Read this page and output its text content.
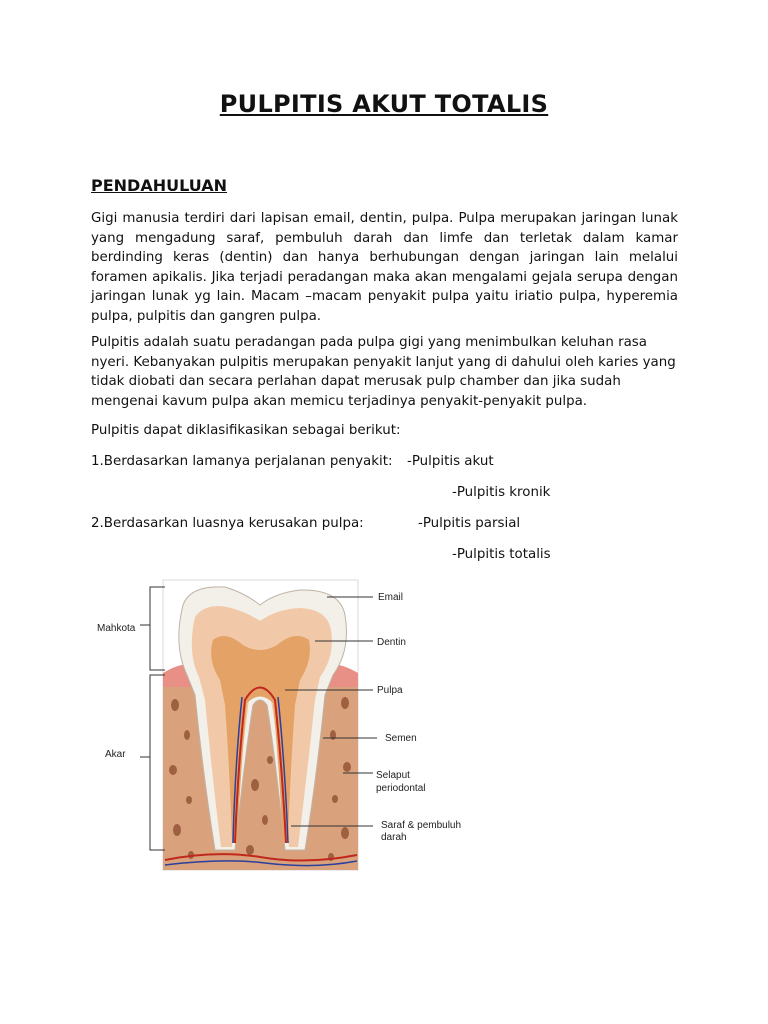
PULPITIS AKUT TOTALIS
PENDAHULUAN

Gigi manusia terdiri dari lapisan email, dentin, pulpa. Pulpa merupakan jaringan lunak yang mengadung saraf, pembuluh darah dan limfe dan terletak dalam kamar berdinding keras (dentin) dan hanya berhubungan dengan jaringan lain melalui foramen apikalis. Jika terjadi peradangan maka akan mengalami gejala serupa dengan jaringan lunak yg lain. Macam –macam penyakit pulpa yaitu iriatio pulpa, hyperemia pulpa, pulpitis dan gangren pulpa.

Pulpitis adalah suatu peradangan pada pulpa gigi yang menimbulkan keluhan rasa nyeri. Kebanyakan pulpitis merupakan penyakit lanjut yang di dahului oleh karies yang tidak diobati dan secara perlahan dapat merusak pulp chamber dan jika sudah mengenai kavum pulpa akan memicu terjadinya penyakit-penyakit pulpa.

Pulpitis dapat diklasifikasikan sebagai berikut:
1.Berdasarkan lamanya perjalanan penyakit: -Pulpitis akut
-Pulpitis kronik
2.Berdasarkan luasnya kerusakan pulpa:	-Pulpitis parsial
-Pulpitis totalis
Mahkota
Akar
Email
Dentin
Pulpa
Semen
Selaput
periodontal
Saraf & pembuluh
darah
